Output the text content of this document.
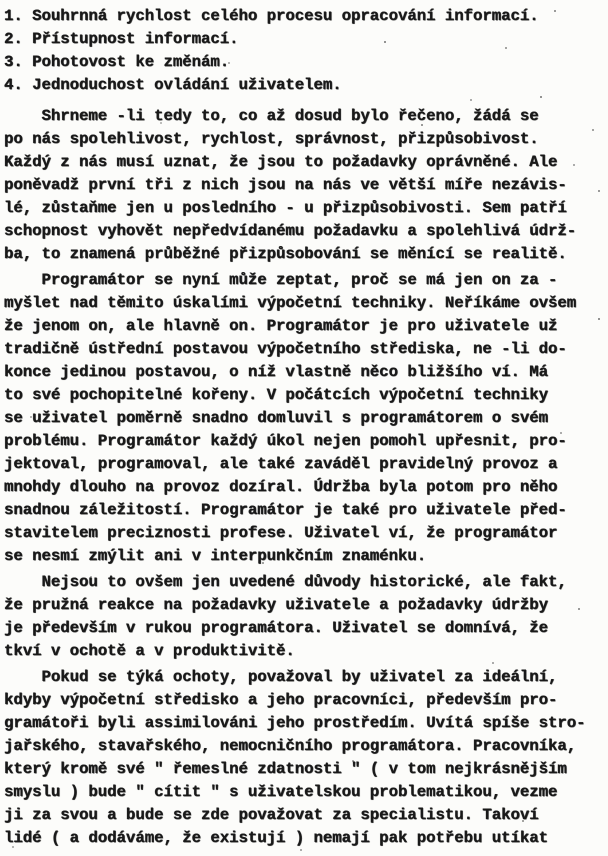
1. Souhrnná rychlost celého procesu opracování informací.
2. Přístupnost informací.
3. Pohotovost ke změnám.
4. Jednoduchost ovládání uživatelem.
Shrneme -li tedy to, co až dosud bylo řečeno, žádá se
po nás spolehlivost, rychlost, správnost, přizpůsobivost.
Každý z nás musí uznat, že jsou to požadavky oprávněné. Ale
poněvadž první tři z nich jsou na nás ve větší míře nezávis-
lé, zůstaňme jen u posledního - u přizpůsobivosti. Sem patří
schopnost vyhovět nepředvídanému požadavku a spolehlivá údrž-
ba, to znamená průběžné přizpůsobování se měnící se realitě.
Programátor se nyní může zeptat, proč se má jen on za -
myšlet nad těmito úskalími výpočetní techniky. Neříkáme ovšem
že jenom on, ale hlavně on. Programátor je pro uživatele už
tradičně ústřední postavou výpočetního střediska, ne -li do-
konce jedinou postavou, o níž vlastně něco bližšího ví. Má
to své pochopitelné kořeny. V počátcích výpočetní techniky
se uživatel poměrně snadno domluvil s programátorem o svém
problému. Programátor každý úkol nejen pomohl upřesnit, pro-
jektoval, programoval, ale také zaváděl pravidelný provoz a
mnohdy dlouho na provoz dozíral. Údržba byla potom pro něho
snadnou záležitostí. Programátor je také pro uživatele před-
stavitelem preciznosti profese. Uživatel ví, že programátor
se nesmí zmýlit ani v interpunkčním znaménku.
Nejsou to ovšem jen uvedené důvody historické, ale fakt,
že pružná reakce na požadavky uživatele a požadavky údržby
je především v rukou programátora. Uživatel se domnívá, že
tkví v ochotě a v produktivitě.
Pokud se týká ochoty, považoval by uživatel za ideální,
kdyby výpočetní středisko a jeho pracovníci, především pro-
gramátoři byli assimilováni jeho prostředím. Uvítá spíše stro-
jařského, stavařského, nemocničního programátora. Pracovníka,
který kromě své " řemeslné zdatnosti " ( v tom nejkrásnějším
smyslu ) bude " cítit " s uživatelskou problematikou, vezme
ji za svou a bude se zde považovat za specialistu. Takoví
lidé ( a dodáváme, že existují ) nemají pak potřebu utíkat
